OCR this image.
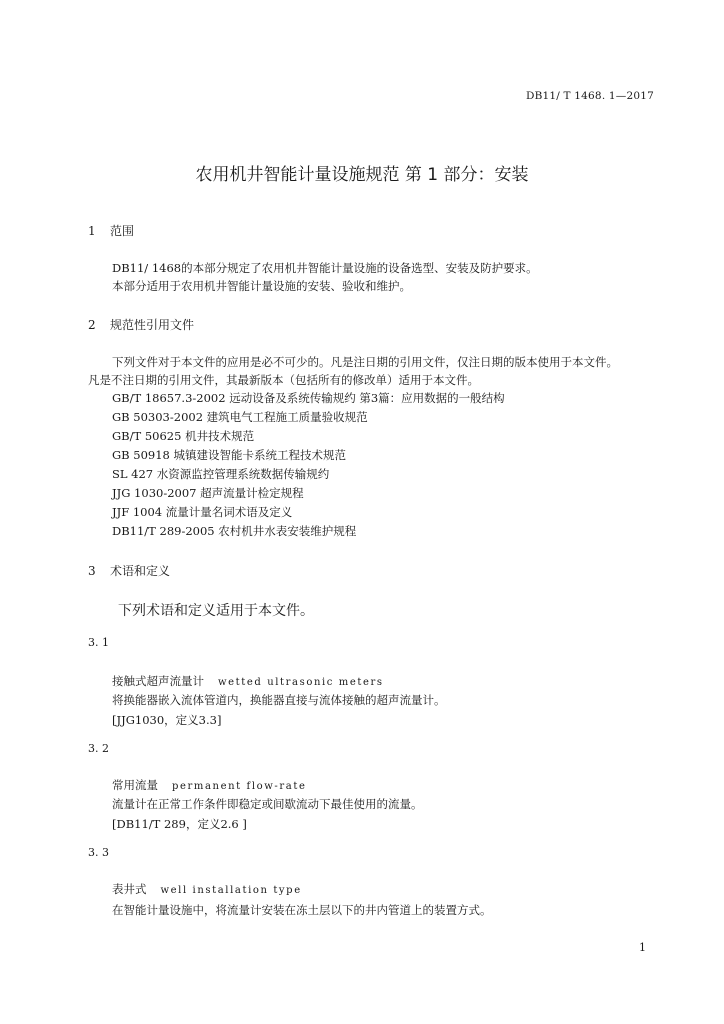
DB11/ T 1468. 1—2017
农用机井智能计量设施规范 第 1 部分：安装
1 范围
DB11/ 1468的本部分规定了农用机井智能计量设施的设备选型、安装及防护要求。
本部分适用于农用机井智能计量设施的安装、验收和维护。
2 规范性引用文件
下列文件对于本文件的应用是必不可少的。凡是注日期的引用文件，仅注日期的版本使用于本文件。
凡是不注日期的引用文件，其最新版本（包括所有的修改单）适用于本文件。
GB/T 18657.3-2002 远动设备及系统传输规约 第3篇：应用数据的一般结构
GB 50303-2002 建筑电气工程施工质量验收规范
GB/T 50625 机井技术规范
GB 50918 城镇建设智能卡系统工程技术规范
SL 427 水资源监控管理系统数据传输规约
JJG 1030-2007 超声流量计检定规程
JJF 1004 流量计量名词术语及定义
DB11/T 289-2005 农村机井水表安装维护规程
3 术语和定义
下列术语和定义适用于本文件。
3. 1
接触式超声流量计 wetted ultrasonic meters
将换能器嵌入流体管道内，换能器直接与流体接触的超声流量计。
[JJG1030，定义3.3]
3. 2
常用流量 permanent flow-rate
流量计在正常工作条件即稳定或间歇流动下最佳使用的流量。
[DB11/T 289，定义2.6 ]
3. 3
表井式 well installation type
在智能计量设施中，将流量计安装在冻土层以下的井内管道上的装置方式。
1
